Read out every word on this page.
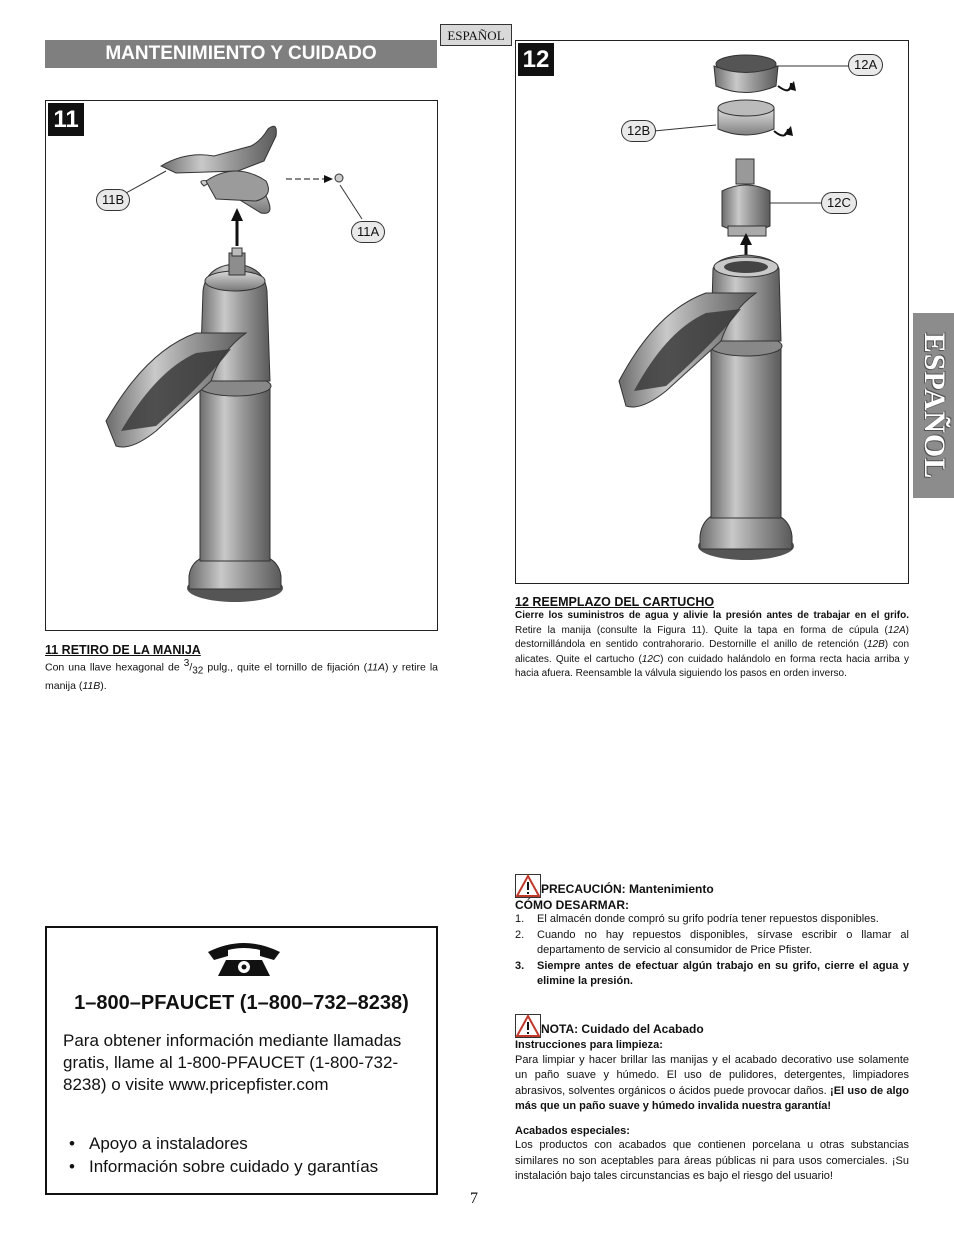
ESPAÑOL
MANTENIMIENTO Y CUIDADO
ESPAÑOL
11
11B
11A
11 RETIRO DE LA MANIJA
Con una llave hexagonal de $^3/_{32}$ pulg., quite el tornillo de fijación (11A) y retire la manija (11B).
12	12A
12B
12C
12 REEMPLAZO DEL CARTUCHO
Cierre los suministros de agua y alivie la presión antes de trabajar en el grifo. Retire la manija (consulte la Figura 11). Quite la tapa en forma de cúpula (12A) destornillándola en sentido contrahorario. Destornille el anillo de retención (12B) con alicates. Quite el cartucho (12C) con cuidado halándolo en forma recta hacia arriba y hacia afuera. Reensamble la válvula siguiendo los pasos en orden inverso.
1–800–PFAUCET (1–800–732–8238)
Para obtener información mediante llamadas gratis, llame al 1-800-PFAUCET (1-800-732-8238) o visite www.pricepfister.com
• Apoyo a instaladores
• Información sobre cuidado y garantías
7
PRECAUCIÓN: Mantenimiento
CÓMO DESARMAR:
1. El almacén donde compró su grifo podría tener repuestos disponibles.
2. Cuando no hay repuestos disponibles, sírvase escribir o llamar al departamento de servicio al consumidor de Price Pfister.
3. Siempre antes de efectuar algún trabajo en su grifo, cierre el agua y elimine la presión.
NOTA: Cuidado del Acabado
Instrucciones para limpieza:
Para limpiar y hacer brillar las manijas y el acabado decorativo use solamente un paño suave y húmedo. El uso de pulidores, detergentes, limpiadores abrasivos, solventes orgánicos o ácidos puede provocar daños. ¡El uso de algo más que un paño suave y húmedo invalida nuestra garantía!
Acabados especiales:
Los productos con acabados que contienen porcelana u otras substancias similares no son aceptables para áreas públicas ni para usos comerciales. ¡Su instalación bajo tales circunstancias es bajo el riesgo del usuario!
